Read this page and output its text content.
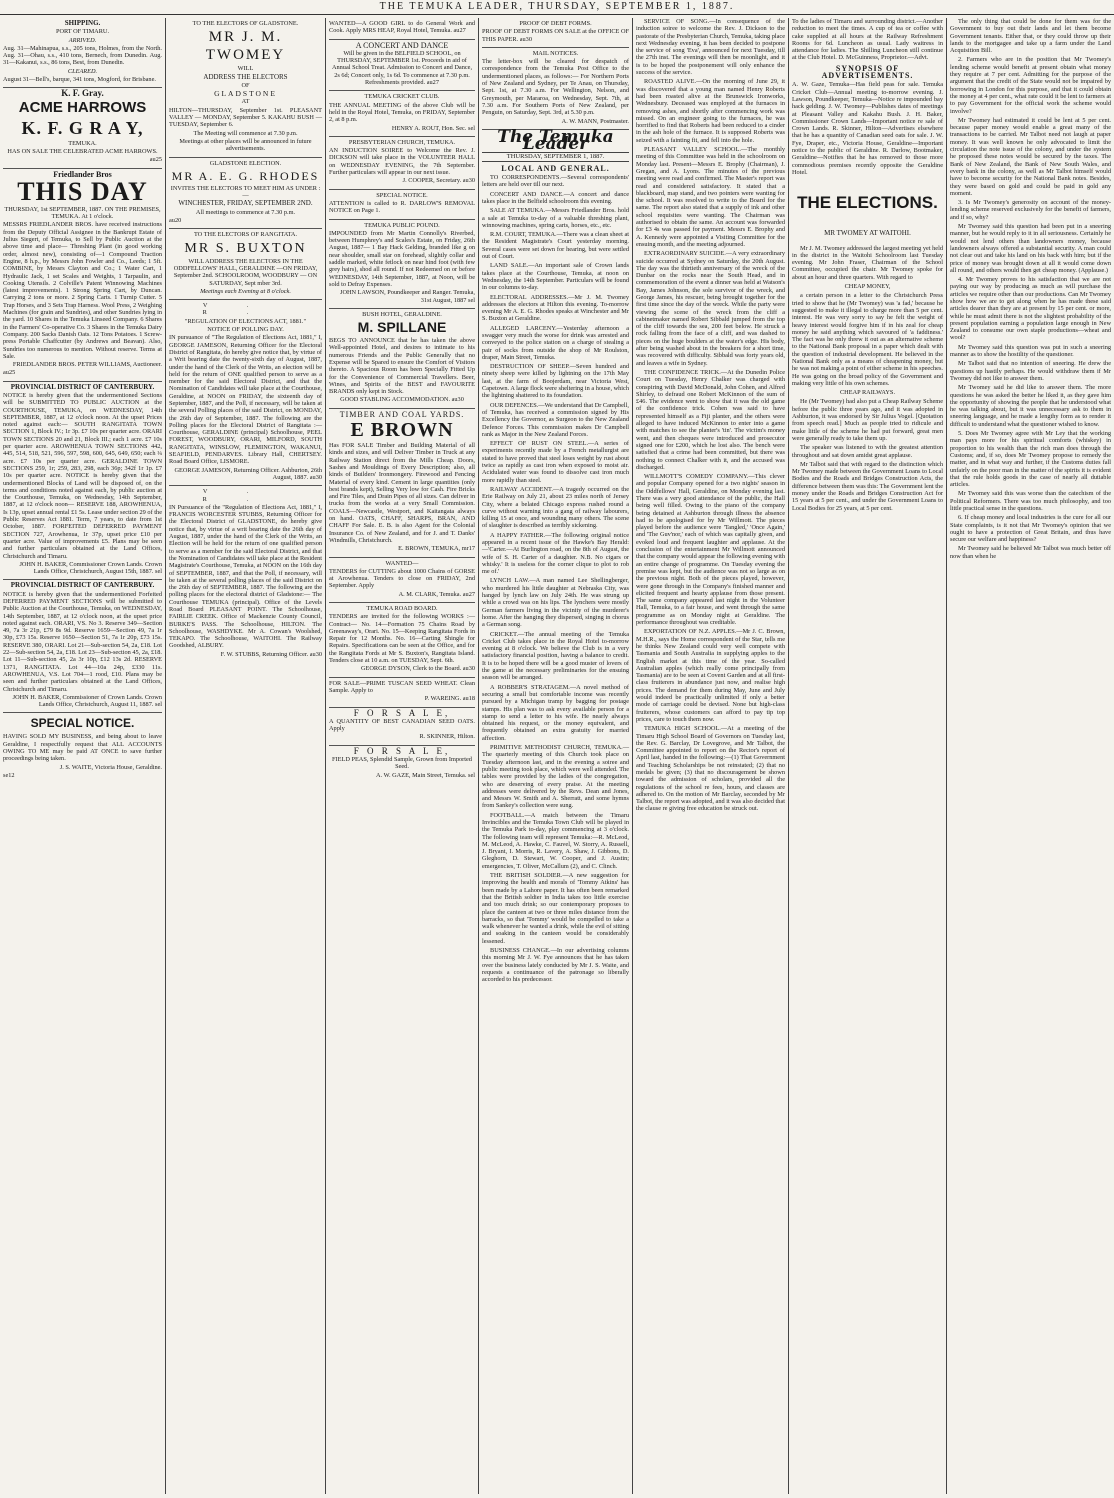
THE TEMUKA LEADER, THURSDAY, SEPTEMBER 1, 1887.

SHIPPING.

PORT OF TIMARU.

ARRIVED.

Aug. 31—Mahinapua, s.s., 205 tons, Holmes, from the North. Aug. 31—Ohau, s.s., 410 tons, Bernech, from Dunedin. Aug. 31—Kakanui, s.s., 86 tons, Best, from Dunedin.

CLEARED.

August 31—Bell's, barque, 341 tons, Mogford, for Brisbane.

K. F. Gray.

ACME HARROWS

K. F. G R A Y,

TEMUKA.

HAS ON SALE THE CELEBRATED ACME HARROWS.

au25

Friedlander Bros

THIS DAY

THURSDAY, 1st SEPTEMBER, 1887. ON THE PREMISES, TEMUKA. At 1 o'clock.

MESSRS FRIEDLANDER BROS. have received instructions from the Deputy Official Assignee in the Bankrupt Estate of Julius Siegert, of Temuka, to Sell by Public Auction at the above time and place— Threshing Plant (in good working order, almost new), consisting of—1 Compound Traction Engine, 8 h.p., by Messrs John Fowler and Co., Leeds; 1 5ft. COMBINE, by Messrs Clayton and Co.; 1 Water Cart, 1 Hydraulic Jack, 1 set Scales and Weights, 1 Tarpaulin, and Cooking Utensils. 2 Colville's Patent Winnowing Machines (latest improvements). 1 Strong Spring Cart, by Duncan. Carrying 2 tons or more. 2 Spring Carts. 1 Turnip Cutter. 5 Trap Horses, and 3 Sets Trap Harness. Wool Press, 2 Weighing Machines (for grain and Sundries), and other Sundries lying in the yard. 10 Shares in the Temuka Linseed Company. 6 Shares in the Farmers' Co-operative Co. 3 Shares in the Temuka Dairy Company. 200 Sacks Danish Oats. 12 Tons Potatoes. 1 Screw-press Portable Chaffcutter (by Andrews and Beavan). Also, Sundries too numerous to mention. Without reserve. Terms at Sale.

FRIEDLANDER BROS. PETER WILLIAMS, Auctioneer.

au25

PROVINCIAL DISTRICT OF CANTERBURY.

NOTICE is hereby given that the undermentioned Sections will be SUBMITTED TO PUBLIC AUCTION at the COURTHOUSE, TEMUKA, on WEDNESDAY, 14th SEPTEMBER, 1887, at 12 o'clock noon. At the upset Prices noted against each:— SOUTH RANGITATA TOWN SECTION 1, Block IV.; 1r 3p. £7 10s per quarter acre. ORARI TOWN SECTIONS 20 and 21, Block III.; each 1 acre. £7 10s per quarter acre. AROWHENUA TOWN SECTIONS 442, 445, 514, 518, 521, 596, 597, 598, 600, 645, 649, 650; each ¼ acre. £7 10s per quarter acre. GERALDINE TOWN SECTIONS 259, 1r; 259, 283, 298, each 36p; 342f 1r 1p. £7 10s per quarter acre. NOTICE is hereby given that the undermentioned Blocks of Land will be disposed of, on the terms and conditions noted against each, by public auction at the Courthouse, Temuka, on Wednesday, 14th September, 1887, at 12 o'clock noon— RESERVE 188, AROWHENUA, Is 13p, upset annual rental £1 5s. Lease under section 29 of the Public Reserves Act 1881. Term, 7 years, to date from 1st October, 1887. FORFEITED DEFERRED PAYMENT SECTION 727, Arowhenua, 1r 37p, upset price £10 per quarter acre. Value of improvements £5. Plans may be seen and further particulars obtained at the Land Offices, Christchurch and Timaru.

JOHN H. BAKER, Commissioner Crown Lands. Crown Lands Office, Christchurch, August 15th, 1887. sel

PROVINCIAL DISTRICT OF CANTERBURY.

NOTICE is hereby given that the undermentioned Forfeited DEFERRED PAYMENT SECTIONS will be submitted to Public Auction at the Courthouse, Temuka, on WEDNESDAY, 14th September, 1887, at 12 o'clock noon, at the upset price noted against each. ORARI, VS. No 3. Reserve 349—Section 49, 7a 3r 21p, £79 8s 9d. Reserve 1659—Section 49, 7a 1r 30p, £73 15s. Reserve 1650—Section 51, 7a 1r 20p, £73 15s. RESERVE 380, ORARI. Lot 21—Sub-section 54, 2a, £18. Lot 22—Sub-section 54, 2a, £18. Lot 23—Sub-section 45, 2a, £18. Lot 11—Sub-section 45, 2a 3r 10p, £12 13s 2d. RESERVE 1371, RANGITATA. Lot 44—10a 24p, £330 11s. AROWHENUA, V.S. Lot 704—1 rood, £10. Plans may be seen and further particulars obtained at the Land Offices, Christchurch and Timaru.

JOHN H. BAKER, Commissioner of Crown Lands. Crown Lands Office, Christchurch, August 11, 1887. sel

SPECIAL NOTICE.

HAVING SOLD MY BUSINESS, and being about to leave Geraldine, I respectfully request that ALL ACCOUNTS OWING TO ME may be paid AT ONCE to save further proceedings being taken.

J. S. WAITE, Victoria House, Geraldine.

se12

TO THE ELECTORS OF GLADSTONE.

MR J. M. TWOMEY

WILL

ADDRESS THE ELECTORS

OF

GLADSTONE

AT

HILTON—THURSDAY, September 1st. PLEASANT VALLEY — MONDAY, September 5. KAKAHU BUSH — TUESDAY, September 6.

The Meeting will commence at 7.30 p.m.

Meetings at other places will be announced in future advertisements.

GLADSTONE ELECTION.

MR A. E. G. RHODES

INVITES THE ELECTORS TO MEET HIM AS UNDER :—

WINCHESTER, FRIDAY, SEPTEMBER 2ND.

All meetings to commence at 7.30 p.m.

au20

TO THE ELECTORS OF RANGITATA.

MR S. BUXTON

WILL ADDRESS THE ELECTORS IN THE ODDFELLOWS' HALL, GERALDINE —ON FRIDAY, September 2nd. SCHOOLROOM, WOODBURY — ON SATURDAY, Sept mber 3rd.

Meetings each Evening at 8 o'clock.

V. R.

"REGULATION OF ELECTIONS ACT, 1881."

NOTICE OF POLLING DAY.

IN pursuance of "The Regulation of Elections Act, 1881," I, GEORGE JAMESON, Returning Officer for the Electoral District of Rangitata, do hereby give notice that, by virtue of a Writ bearing date the twenty-sixth day of August, 1887, under the hand of the Clerk of the Writs, an election will be held for the return of ONE qualified person to serve as a member for the said Electoral District, and that the Nomination of Candidates will take place at the Courthouse, Geraldine, at NOON on FRIDAY, the sixteenth day of September, 1887, and the Poll, if necessary, will be taken at the several Polling places of the said District, on MONDAY, the 26th day of September, 1887. The following are the Polling places for the Electoral District of Rangitata :— Courthouse, GERALDINE (principal) Schoolhouse, PEEL FOREST, WOODBURY, ORARI, MILFORD, SOUTH RANGITATA, WINSLOW, FLEMINGTON, WAKANUI, SEAFIELD, PENDARVES. Library Hall, CHERTSEY. Road Board Office, LISMORE.

GEORGE JAMESON, Returning Officer. Ashburton, 26th August, 1887. au30

V. R.

IN Pursuance of the "Regulation of Elections Act, 1881," I, FRANCIS WORCESTER STUBBS, Returning Officer for the Electoral District of GLADSTONE, do hereby give notice that, by virtue of a writ bearing date the 26th day of August, 1887, under the hand of the Clerk of the Writs, an Election will be held for the return of one qualified person to serve as a member for the said Electoral District, and that the Nomination of Candidates will take place at the Resident Magistrate's Courthouse, Temuka, at NOON on the 16th day of SEPTEMBER, 1887, and that the Poll, if necessary, will be taken at the several polling places of the said District on the 26th day of SEPTEMBER, 1887. The following are the polling places for the electoral district of Gladstone:— The Courthouse TEMUKA (principal). Office of the Levels Road Board PLEASANT POINT. The Schoolhouse, FAIRLIE CREEK. Office of Mackenzie County Council, BURKE'S PASS. The Schoolhouse, HILTON. The Schoolhouse, WASHDYKE. Mr A. Cowan's Woolshed, TEKAPO. The Schoolhouse, WAITOHI. The Railway Goodshed, ALBURY.

F. W. STUBBS, Returning Officer. au30

WANTED—A GOOD GIRL to do General Work and Cook. Apply MRS HEAP, Royal Hotel, Temuka. au27

A CONCERT AND DANCE

Will be given in the BELFIELD SCHOOL, on THURSDAY, SEPTEMBER 1st. Proceeds in aid of Annual School Treat. Admission to Concert and Dance, 2s 6d; Concert only, 1s 6d. To commence at 7.30 p.m. Refreshments provided. au27

TEMUKA CRICKET CLUB.

THE ANNUAL MEETING of the above Club will be held in the Royal Hotel, Temuka, on FRIDAY, September 2, at 8 p.m.

HENRY A. ROUT, Hon. Sec. sel

PRESBYTERIAN CHURCH, TEMUKA.

AN INDUCTION SOIREE to Welcome the Rev. J. DICKSON will take place in the VOLUNTEER HALL on WEDNESDAY EVENING, the 7th September. Further particulars will appear in our next issue.

J. COOPER, Secretary. au30

SPECIAL NOTICE.

ATTENTION is called to R. DARLOW'S REMOVAL NOTICE on Page 1.

TEMUKA PUBLIC POUND.

IMPOUNDED from Mr Martin Connolly's Riverbed, between Humphrey's and Scales's Estate, on Friday, 26th August, 1887— 1 Bay Hack Gelding, branded like g on near shoulder, small star on forehead, slightly collar and saddle marked, white fetlock on near hind foot (with few grey hairs), shod all round. If not Redeemed on or before WEDNESDAY, 14th September, 1887, at Noon, will be sold to Defray Expenses.

JOHN LAWSON, Poundkeeper and Ranger. Temuka, 31st August, 1887 sel

BUSH HOTEL, GERALDINE.

M. SPILLANE

BEGS TO ANNOUNCE that he has taken the above Well-appointed Hotel, and desires to intimate to his numerous Friends and the Public Generally that no Expense will be Spared to ensure the Comfort of Visitors thereto. A Spacious Room has been Specially Fitted Up for the Convenience of Commercial Travellers. Beer, Wines, and Spirits of the BEST and FAVOURITE BRANDS only kept in Stock.

GOOD STABLING ACCOMMODATION. au30

TIMBER AND COAL YARDS.

E BROWN

Has FOR SALE Timber and Building Material of all kinds and sizes, and will Deliver Timber in Truck at any Railway Station direct from the Mills Cheap. Doors, Sashes and Mouldings of Every Description; also, all kinds of Builders' Ironmongery. Firewood and Fencing Material of every kind. Cement in large quantities (only best brands kept), Selling Very low for Cash. Fire Bricks and Fire Tiles, and Drain Pipes of all sizes. Can deliver in trucks from the works at a very Small Commission. COALS—Newcastle, Westport, and Kaitangata always on hand. OATS, CHAFF, SHARPS, BRAN, AND CHAFF For Sale. E. B. is also Agent for the Colonial Insurance Co. of New Zealand, and for J. and T. Danks' Windmills, Christchurch.

E. BROWN, TEMUKA, mr17

WANTED—

TENDERS for CUTTING about 1000 Chains of GORSE at Arowhenua. Tenders to close on FRIDAY, 2nd September. Apply

A. M. CLARK, Temuka. au27

TEMUKA ROAD BOARD.

TENDERS are invited for the following WORKS :— Contract— No. 14—Formation 75 Chains Road by Greenaway's, Orari. No. 15—Keeping Rangitata Fords in Repair for 12 Months. No. 16—Carting Shingle for Repairs. Specifications can be seen at the Office, and for the Rangitata Fords at Mr S. Buxton's, Rangitata Island. Tenders close at 10 a.m. on TUESDAY, Sept. 6th.

GEORGE DYSON, Clerk to the Board. au30

FOR SALE—PRIME TUSCAN SEED WHEAT. Clean Sample. Apply to

P. WAREING. au18

F O R S A L E,

A QUANTITY OF BEST CANADIAN SEED OATS. Apply

R. SKINNER, Hilton.

F O R S A L E,

FIELD PEAS, Splendid Sample, Grown from Imported Seed.

A. W. GAZE, Main Street, Temuka. sel

PROOF OF DEBT FORMS.

PROOF OF DEBT FORMS ON SALE at the OFFICE OF THIS PAPER. au30

MAIL NOTICES.

The letter-box will be cleared for despatch of correspondence from the Temuka Post Office to the undermentioned places, as follows:— For Northern Ports of New Zealand and Sydney, per Te Anau, on Thursday, Sept. 1st, at 7.30 a.m. For Wellington, Nelson, and Greymouth, per Mararoa, on Wednesday, Sept. 7th, at 7.30 a.m. For Southern Ports of New Zealand, per Penguin, on Saturday, Sept. 3rd, at 5.30 p.m.

A. W. MANN, Postmaster.

The Temuka Leader

THURSDAY, SEPTEMBER 1, 1887.

LOCAL AND GENERAL.

TO CORRESPONDENTS.—Several correspondents' letters are held over till our next.

CONCERT AND DANCE.—A concert and dance takes place in the Belfield schoolroom this evening.

SALE AT TEMUKA.—Messrs Friedlander Bros. hold a sale at Temuka to-day of a valuable threshing plant, winnowing machines, spring carts, horses, etc., etc.

R.M. COURT, TEMUKA.—There was a clean sheet at the Resident Magistrate's Court yesterday morning. Several cases were set down for hearing, but were settled out of Court.

LAND SALE.—An important sale of Crown lands takes place at the Courthouse, Temuka, at noon on Wednesday, the 14th September. Particulars will be found in our columns to-day.

ELECTORAL ADDRESSES.—Mr J. M. Twomey addresses the electors at Hilton this evening. To-morrow evening Mr A. E. G. Rhodes speaks at Winchester and Mr S. Buxton at Geraldine.

ALLEGED LARCENY.—Yesterday afternoon a swagger very much the worse for drink was arrested and conveyed to the police station on a charge of stealing a pair of socks from outside the shop of Mr Roulston, draper, Main Street, Temuka.

DESTRUCTION OF SHEEP.—Seven hundred and ninety sheep were killed by lightning on the 17th May last, at the farm of Boojerdam, near Victoria West, Capetown. A large flock were sheltering in a house, which the lightning shattered to its foundation.

OUR DEFENCES.—We understand that Dr Campbell, of Temuka, has received a commission signed by His Excellency the Governor, as Surgeon to the New Zealand Defence Forces. This commission makes Dr Campbell rank as Major in the New Zealand Forces.

EFFECT OF RUST ON STEEL.—A series of experiments recently made by a French metallurgist are stated to have proved that steel loses weight by rust about twice as rapidly as cast iron when exposed to moist air. Acidulated water was found to dissolve cast iron much more rapidly than steel.

RAILWAY ACCIDENT.—A tragedy occurred on the Erie Railway on July 21, about 23 miles north of Jersey City, where a belated Chicago express rushed round a curve without warning into a gang of railway labourers, killing 15 at once, and wounding many others. The scene of slaughter is described as terribly sickening.

A HAPPY FATHER.—The following original notice appeared in a recent issue of the Hawke's Bay Herald:—'Carter.—At Burlington road, on the 8th of August, the wife of S. H. Carter of a daughter. N.B. No cigars or whisky.' It is useless for the corner clique to plot to rob me of.'

LYNCH LAW.—A man named Lee Shellingberger, who murdered his little daughter at Nebraska City, was hanged by lynch law on July 24th. He was strung up while a crowd was on his lips. The lynchers were mostly German farmers living in the vicinity of the murderer's home. After the hanging they dispersed, singing in chorus a German song.

CRICKET.—The annual meeting of the Temuka Cricket Club takes place in the Royal Hotel to-morrow evening at 8 o'clock. We believe the Club is in a very satisfactory financial position, having a balance to credit. It is to be hoped there will be a good muster of lovers of the game at the necessary preliminaries for the ensuing season will be arranged.

A ROBBER'S STRATAGEM.—A novel method of securing a small but comfortable income was recently pursued by a Michigan tramp by bagging for postage stamps. His plan was to ask every available person for a stamp to send a letter to his wife. He nearly always obtained his request, or the money equivalent, and frequently obtained an extra gratuity for married affection.

PRIMITIVE METHODIST CHURCH, TEMUKA.—The quarterly meeting of this Church took place on Tuesday afternoon last, and in the evening a soiree and public meeting took place, which were well attended. The tables were provided by the ladies of the congregation, who are deserving of every praise. At the meeting addresses were delivered by the Revs. Dean and Jones, and Messrs W. Smith and A. Sherratt, and some hymns from Sankey's collection were sung.

FOOTBALL.—A match between the Timaru Invincibles and the Temuka Town Club will be played in the Temuka Park to-day, play commencing at 3 o'clock. The following team will represent Temuka:—R. McLeod, M. McLeod, A. Hawke, C. Fauvel, W. Storry, A. Russell, J. Bryant, I. Morris, R. Lavery, A. Shaw, J. Gibbons, D. Gleghorn, D. Stewart, W. Cooper, and J. Austin; emergencies, T. Oliver, McCallum (2), and C. Clinch.

THE BRITISH SOLDIER.—A new suggestion for improving the health and morals of 'Tommy Atkins' has been made by a Lahore paper. It has often been remarked that the British soldier in India takes too little exercise and too much drink; so our contemporary proposes to place the canteen at two or three miles distance from the barracks, so that 'Tommy' would be compelled to take a walk whenever he wanted a drink, while the evil of sitting and soaking in the canteen would be considerably lessened.

BUSINESS CHANGE.—In our advertising columns this morning Mr J. W. Fye announces that he has taken over the business lately conducted by Mr J. S. Waite, and requests a continuance of the patronage so liberally accorded to his predecessor.

SERVICE OF SONG.—In consequence of the induction soiree to welcome the Rev. J. Dickson to the pastorate of the Presbyterian Church, Temuka, taking place next Wednesday evening, it has been decided to postpone the service of song 'Eva', announced for next Tuesday, till the 27th inst. The evenings will then be moonlight, and it is to be hoped the postponement will only enhance the success of the service.

ROASTED ALIVE.—On the morning of June 29, it was discovered that a young man named Henry Roberts had been roasted alive at the Brunswick Ironworks, Wednesbury. Deceased was employed at the furnaces in removing ashes, and shortly after commencing work was missed. On an engineer going to the furnaces, he was horrified to find that Roberts had been reduced to a cinder in the ash hole of the furnace. It is supposed Roberts was seized with a fainting fit, and fell into the hole.

PLEASANT VALLEY SCHOOL.—The monthly meeting of this Committee was held in the schoolroom on Monday last. Present—Messrs E. Brophy (Chairman), J. Gregan, and A. Lyons. The minutes of the previous meeting were read and confirmed. The Master's report was read and considered satisfactory. It stated that a blackboard, map stand, and two pointers were wanting for the school. It was resolved to write to the Board for the same. The report also stated that a supply of ink and other school requisites were wanting. The Chairman was authorised to obtain the same. An account was forwarded for £3 4s was passed for payment. Messrs E. Brophy and A. Kennedy were appointed a Visiting Committee for the ensuing month, and the meeting adjourned.

EXTRAORDINARY SUICIDE.—A very extraordinary suicide occurred at Sydney on Saturday, the 20th August. The day was the thirtieth anniversary of the wreck of the Dunbar on the rocks near the South Head, and in commemoration of the event a dinner was held at Watson's Bay, James Johnson, the sole survivor of the wreck, and George James, his rescuer, being brought together for the first time since the day of the wreck. While the party were viewing the scene of the wreck from the cliff a cabinetmaker named Robert Sibbald jumped from the top of the cliff towards the sea, 200 feet below. He struck a rock falling from the face of a cliff, and was dashed to pieces on the huge boulders at the water's edge. His body, after being washed about in the breakers for a short time, was recovered with difficulty. Sibbald was forty years old, and leaves a wife in Sydney.

THE CONFIDENCE TRICK.—At the Dunedin Police Court on Tuesday, Henry Chalker was charged with conspiring with David McDonald, John Cohen, and Alfred Shirley, to defraud one Robert McKinnon of the sum of £46. The evidence went to show that it was the old game of the confidence trick. Cohen was said to have represented himself as a Fiji planter, and the others were alleged to have induced McKinnon to enter into a game with matches to see the planter's 'tin'. The victim's money went, and then cheques were introduced and prosecutor signed one for £200, which he lost also. The bench were satisfied that a crime had been committed, but there was nothing to connect Chalker with it, and the accused was discharged.

WILLMOTT'S COMEDY COMPANY.—This clever and popular Company opened for a two nights' season in the Oddfellows' Hall, Geraldine, on Monday evening last. There was a very good attendance of the public, the Hall being well filled. Owing to the piano of the company being detained at Ashburton through illness the absence had to be apologised for by Mr Willmott. The pieces played before the audience were 'Tangled,' 'Once Again,' and 'The Guv'nor,' each of which was capitally given, and evoked loud and frequent laughter and applause. At the conclusion of the entertainment Mr Willmott announced that the company would appear the following evening with an entire change of programme. On Tuesday evening the premise was kept, but the audience was not so large as on the previous night. Both of the pieces played, however, were gone through in the Company's finished manner and elicited frequent and hearty applause from those present. The same company appeared last night in the Volunteer Hall, Temuka, to a fair house, and went through the same programme as on Monday night at Geraldine. The performance throughout was creditable.

EXPORTATION OF N.Z. APPLES.—Mr J. C. Brown, M.H.R., says the Home correspondent of the Star, tells me he thinks New Zealand could very well compete with Tasmania and South Australia in supplying apples to the English market at this time of the year. So-called Australian apples (which really come principally from Tasmania) are to be seen at Covent Garden and at all first-class fruiterers in abundance just now, and realise high prices. The demand for them during May, June and July would indeed be practically unlimited if only a better mode of carriage could be devised. None but high-class fruiterers, whose customers can afford to pay tip top prices, care to touch them now.

TEMUKA HIGH SCHOOL.—At a meeting of the Timaru High School Board of Governors on Tuesday last, the Rev. G. Barclay, Dr Lovegrove, and Mr Talbot, the Committee appointed to report on the Rector's report of April last, handed in the following:—(1) That Government and Teaching Scholarships be not reinstated; (2) that no medals be given; (3) that no discouragement be shown toward the admission of scholars, provided all the regulations of the school re fees, hours, and classes are adhered to. On the motion of Mr Barclay, seconded by Mr Talbot, the report was adopted, and it was also decided that the clause re giving free education be struck out.

To the ladies of Timaru and surrounding district.—Another reduction to meet the times. A cup of tea or coffee with cake supplied at all hours at the Railway Refreshment Rooms for 6d. Luncheon as usual. Lady waitress in attendance for ladies. The Shilling Luncheon still continue at the Club Hotel. D. McGuinness, Proprietor.—Advt.

SYNOPSIS OF ADVERTISEMENTS.

A. W. Gaze, Temuka—Has field peas for sale. Temuka Cricket Club—Annual meeting to-morrow evening. J. Lawson, Poundkeeper, Temuka—Notice re impounded bay hack gelding. J. W. Twomey—Publishes dates of meetings at Pleasant Valley and Kakahu Bush. J. H. Baker, Commissioner Crown Lands—Important notice re sale of Crown Lands. R. Skinner, Hilton—Advertises elsewhere that he has a quantity of Canadian seed oats for sale. J. W. Fye, Draper, etc., Victoria House, Geraldine—Important notice to the public of Geraldine. R. Darlow, Bootmaker, Geraldine—Notifies that he has removed to those more commodious premises recently opposite the Geraldine Hotel.

THE ELECTIONS.

MR TWOMEY AT WAITOHI.

Mr J. M. Twomey addressed the largest meeting yet held in the district in the Waitohi Schoolroom last Tuesday evening. Mr John Fraser, Chairman of the School Committee, occupied the chair. Mr Twomey spoke for about an hour and three quarters. With regard to

CHEAP MONEY,

a certain person in a letter to the Christchurch Press tried to show that he (Mr Twomey) was 'a fad,' because he suggested to make it illegal to charge more than 5 per cent. interest. He was very sorry to say he felt the weight of heavy interest would forgive him if in his zeal for cheap money he said anything which savoured of 'a faddiness.' The fact was he only threw it out as an alternative scheme to the National Bank proposal in a paper which dealt with the question of industrial development. He believed in the National Bank only as a means of cheapening money, but he was not making a point of either scheme in his speeches. He was going on the broad policy of the Government and making very little of his own schemes.

CHEAP RAILWAYS.

He (Mr Twomey) had also put a Cheap Railway Scheme before the public three years ago, and it was adopted in Ashburton, it was endorsed by Sir Julius Vogel. [Quotation from speech read.] Much as people tried to ridicule and make little of the scheme he had put forward, great men were generally ready to take them up.

The speaker was listened to with the greatest attention throughout and sat down amidst great applause.

Mr Talbot said that with regard to the distinction which Mr Twomey made between the Government Loans to Local Bodies and the Roads and Bridges Construction Acts, the difference between them was this: The Government lent the money under the Roads and Bridges Construction Act for 15 years at 5 per cent., and under the Government Loans to Local Bodies for 25 years, at 5 per cent.

The only thing that could be done for them was for the Government to buy out their lands and let them become Government tenants. Either that, or they could throw up their lands to the mortgagee and take up a farm under the Land Acquisition Bill.

2. Farmers who are in the position that Mr Twomey's lending scheme would benefit at present obtain what money they require at 7 per cent. Admitting for the purpose of the argument that the credit of the State would not be impaired by borrowing in London for this purpose, and that it could obtain the money at 4 per cent., what rate could it be lent to farmers at to pay Government for the official work the scheme would involve?

Mr Twomey had estimated it could be lent at 5 per cent. because paper money would enable a great many of the transactions to be carried. Mr Talbot need not laugh at paper money. It was well known he only advocated to limit the circulation the note issue of the colony, and under the system he proposed these notes would be secured by the taxes. The Bank of New Zealand, the Bank of New South Wales, and every bank in the colony, as well as Mr Talbot himself would have to become security for the National Bank notes. Besides, they were based on gold and could be paid in gold any moment.

3. Is Mr Twomey's generosity on account of the money-lending scheme reserved exclusively for the benefit of farmers, and if so, why?

Mr Twomey said this question had been put in a sneering manner, but he would reply to it in all seriousness. Certainly he would not lend others than landowners money, because landowners always offered a substantial security. A man could not clear out and take his land on his back with him; but if the price of money was brought down at all it would come down all round, and others would then get cheap money. (Applause.)

4. Mr Twomey proves to his satisfaction that we are not paying our way by producing as much as will purchase the articles we require other than our productions. Can Mr Twomey show how we are to get along when he has made these said articles dearer than they are at present by 15 per cent. or more, while he must admit there is not the slightest probability of the present population earning a population large enough in New Zealand to consume our own staple productions—wheat and wool?

Mr Twomey said this question was put in such a sneering manner as to show the hostility of the questioner.

Mr Talbot said that no intention of sneering. He drew the questions up hastily perhaps. He would withdraw them if Mr Twomey did not like to answer them.

Mr Twomey said he did like to answer them. The more questions he was asked the better he liked it, as they gave him the opportunity of showing the people that he understood what he was talking about, but it was unnecessary ask to them in sneering language, and he made a lengthy form as to render it difficult to understand what the questioner wished to know.

5. Does Mr Twomey agree with Mr Ley that the working man pays more for his spiritual comforts (whiskey) in proportion to his wealth than the rich man does through the Customs; and, if so, does Mr Twomey propose to remedy the matter, and in what way and further, if the Customs duties fall unfairly on the poor man in the matter of the spirits it is evident that the rule holds goods in the case of nearly all dutiable articles.

Mr Twomey said this was worse than the catechism of the Political Reformers. There was too much philosophy, and too little practical sense in the questions.

6. If cheap money and local industries is the cure for all our State complaints, is it not that Mr Twomey's opinion that we ought to have a protection of Great Britain, and thus have secure our welfare and happiness?

Mr Twomey said he believed Mr Talbot was much better off now than when he
